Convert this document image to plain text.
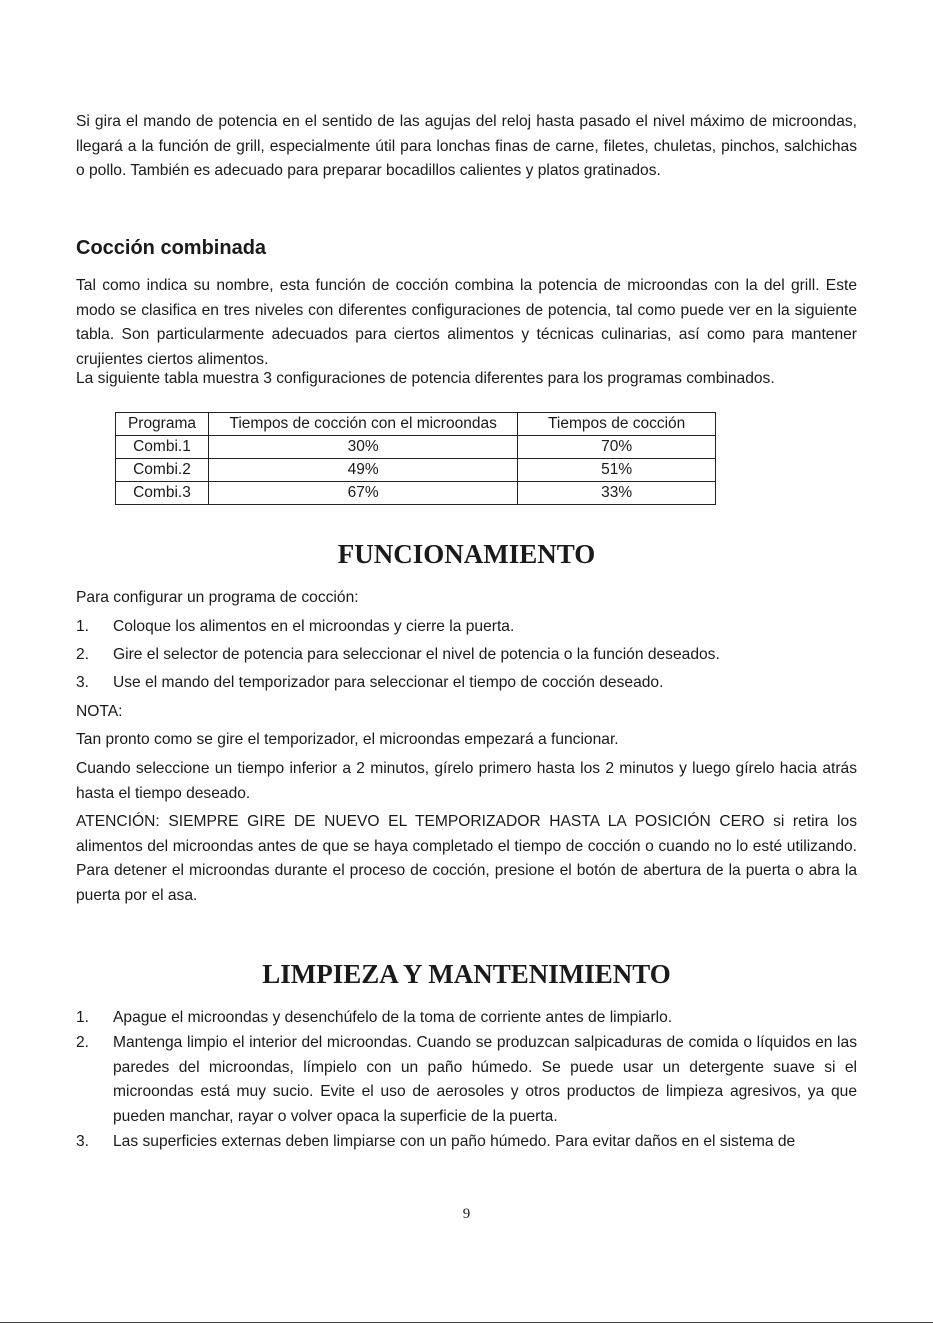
Si gira el mando de potencia en el sentido de las agujas del reloj hasta pasado el nivel máximo de microondas, llegará a la función de grill, especialmente útil para lonchas finas de carne, filetes, chuletas, pinchos, salchichas o pollo. También es adecuado para preparar bocadillos calientes y platos gratinados.

Cocción combinada

Tal como indica su nombre, esta función de cocción combina la potencia de microondas con la del grill. Este modo se clasifica en tres niveles con diferentes configuraciones de potencia, tal como puede ver en la siguiente tabla. Son particularmente adecuados para ciertos alimentos y técnicas culinarias, así como para mantener crujientes ciertos alimentos.

La siguiente tabla muestra 3 configuraciones de potencia diferentes para los programas combinados.

Programa	Tiempos de cocción con el microondas	Tiempos de cocción
Combi.1	30%	70%
Combi.2	49%	51%
Combi.3	67%	33%
FUNCIONAMIENTO

Para configurar un programa de cocción:

1.	Coloque los alimentos en el microondas y cierre la puerta.
2.	Gire el selector de potencia para seleccionar el nivel de potencia o la función deseados.
3.	Use el mando del temporizador para seleccionar el tiempo de cocción deseado.

NOTA:

Tan pronto como se gire el temporizador, el microondas empezará a funcionar.

Cuando seleccione un tiempo inferior a 2 minutos, gírelo primero hasta los 2 minutos y luego gírelo hacia atrás hasta el tiempo deseado.

ATENCIÓN: SIEMPRE GIRE DE NUEVO EL TEMPORIZADOR HASTA LA POSICIÓN CERO si retira los alimentos del microondas antes de que se haya completado el tiempo de cocción o cuando no lo esté utilizando. Para detener el microondas durante el proceso de cocción, presione el botón de abertura de la puerta o abra la puerta por el asa.

LIMPIEZA Y MANTENIMIENTO
1.	Apague el microondas y desenchúfelo de la toma de corriente antes de limpiarlo.
2.	Mantenga limpio el interior del microondas. Cuando se produzcan salpicaduras de comida o líquidos en las paredes del microondas, límpielo con un paño húmedo. Se puede usar un detergente suave si el microondas está muy sucio. Evite el uso de aerosoles y otros productos de limpieza agresivos, ya que pueden manchar, rayar o volver opaca la superficie de la puerta.
3.	Las superficies externas deben limpiarse con un paño húmedo. Para evitar daños en el sistema de
9
